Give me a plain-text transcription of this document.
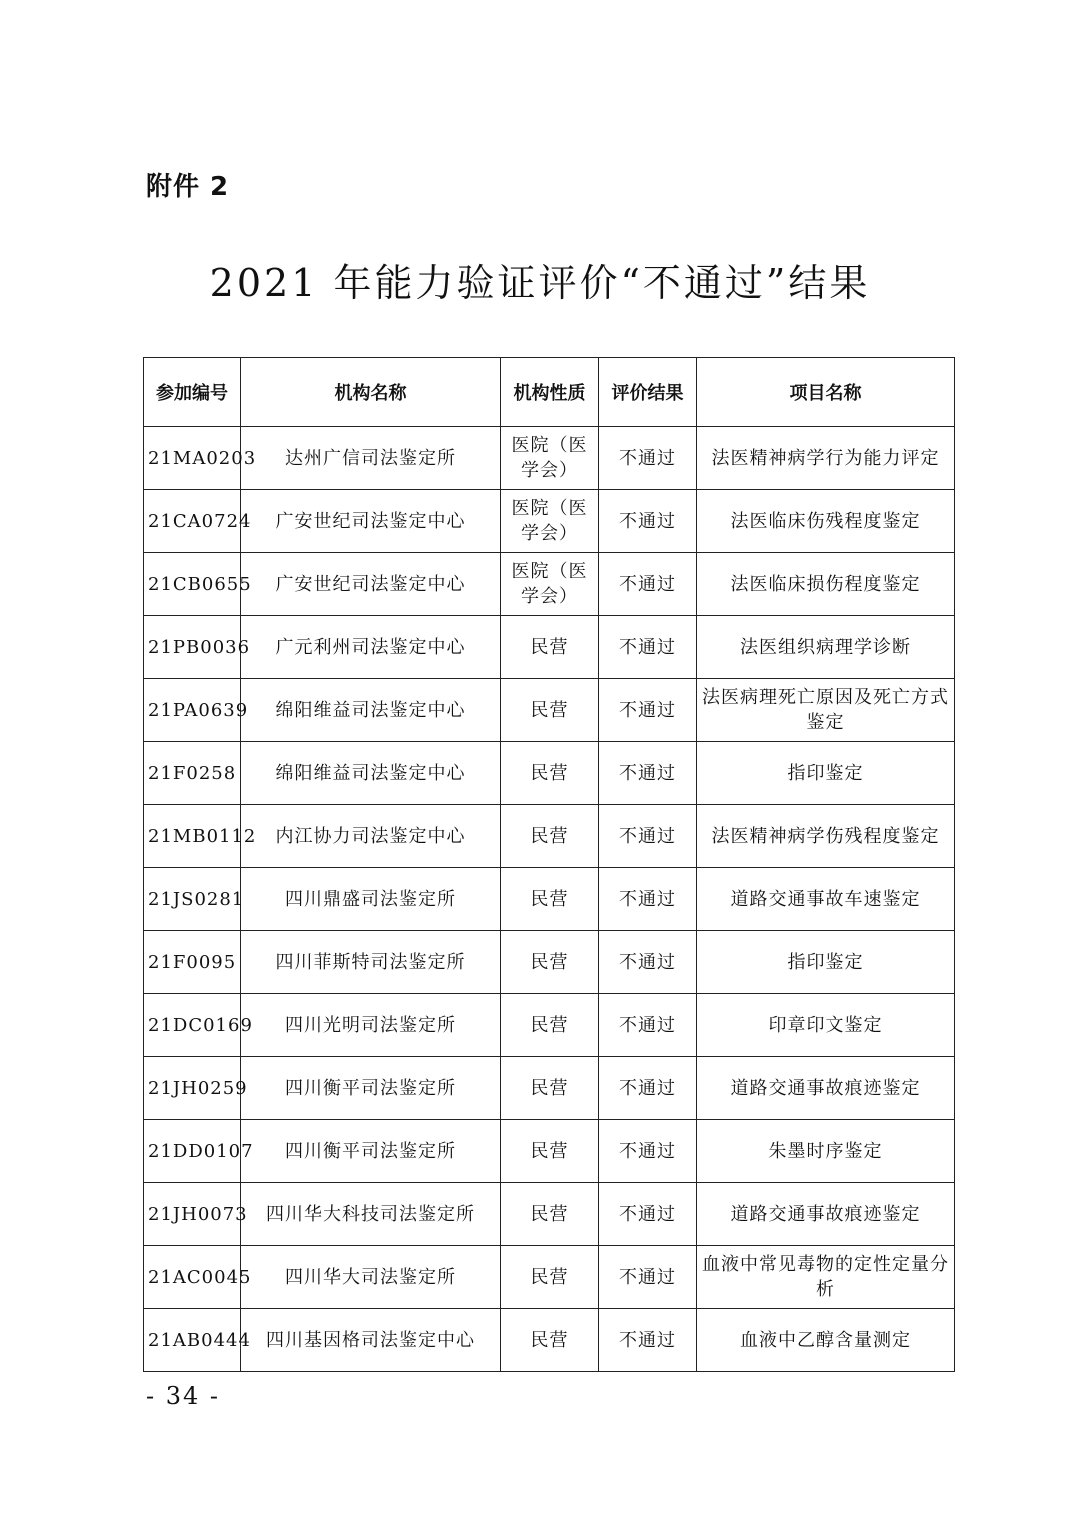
附件 2

2021 年能力验证评价“不通过”结果
参加编号	机构名称	机构性质	评价结果	项目名称
21MA0203	达州广信司法鉴定所	医院（医学会）	不通过	法医精神病学行为能力评定
21CA0724	广安世纪司法鉴定中心	医院（医学会）	不通过	法医临床伤残程度鉴定
21CB0655	广安世纪司法鉴定中心	医院（医学会）	不通过	法医临床损伤程度鉴定
21PB0036	广元利州司法鉴定中心	民营	不通过	法医组织病理学诊断
21PA0639	绵阳维益司法鉴定中心	民营	不通过	法医病理死亡原因及死亡方式鉴定
21F0258	绵阳维益司法鉴定中心	民营	不通过	指印鉴定
21MB0112	内江协力司法鉴定中心	民营	不通过	法医精神病学伤残程度鉴定
21JS0281	四川鼎盛司法鉴定所	民营	不通过	道路交通事故车速鉴定
21F0095	四川菲斯特司法鉴定所	民营	不通过	指印鉴定
21DC0169	四川光明司法鉴定所	民营	不通过	印章印文鉴定
21JH0259	四川衡平司法鉴定所	民营	不通过	道路交通事故痕迹鉴定
21DD0107	四川衡平司法鉴定所	民营	不通过	朱墨时序鉴定
21JH0073	四川华大科技司法鉴定所	民营	不通过	道路交通事故痕迹鉴定
21AC0045	四川华大司法鉴定所	民营	不通过	血液中常见毒物的定性定量分析
21AB0444	四川基因格司法鉴定中心	民营	不通过	血液中乙醇含量测定

- 34 -
